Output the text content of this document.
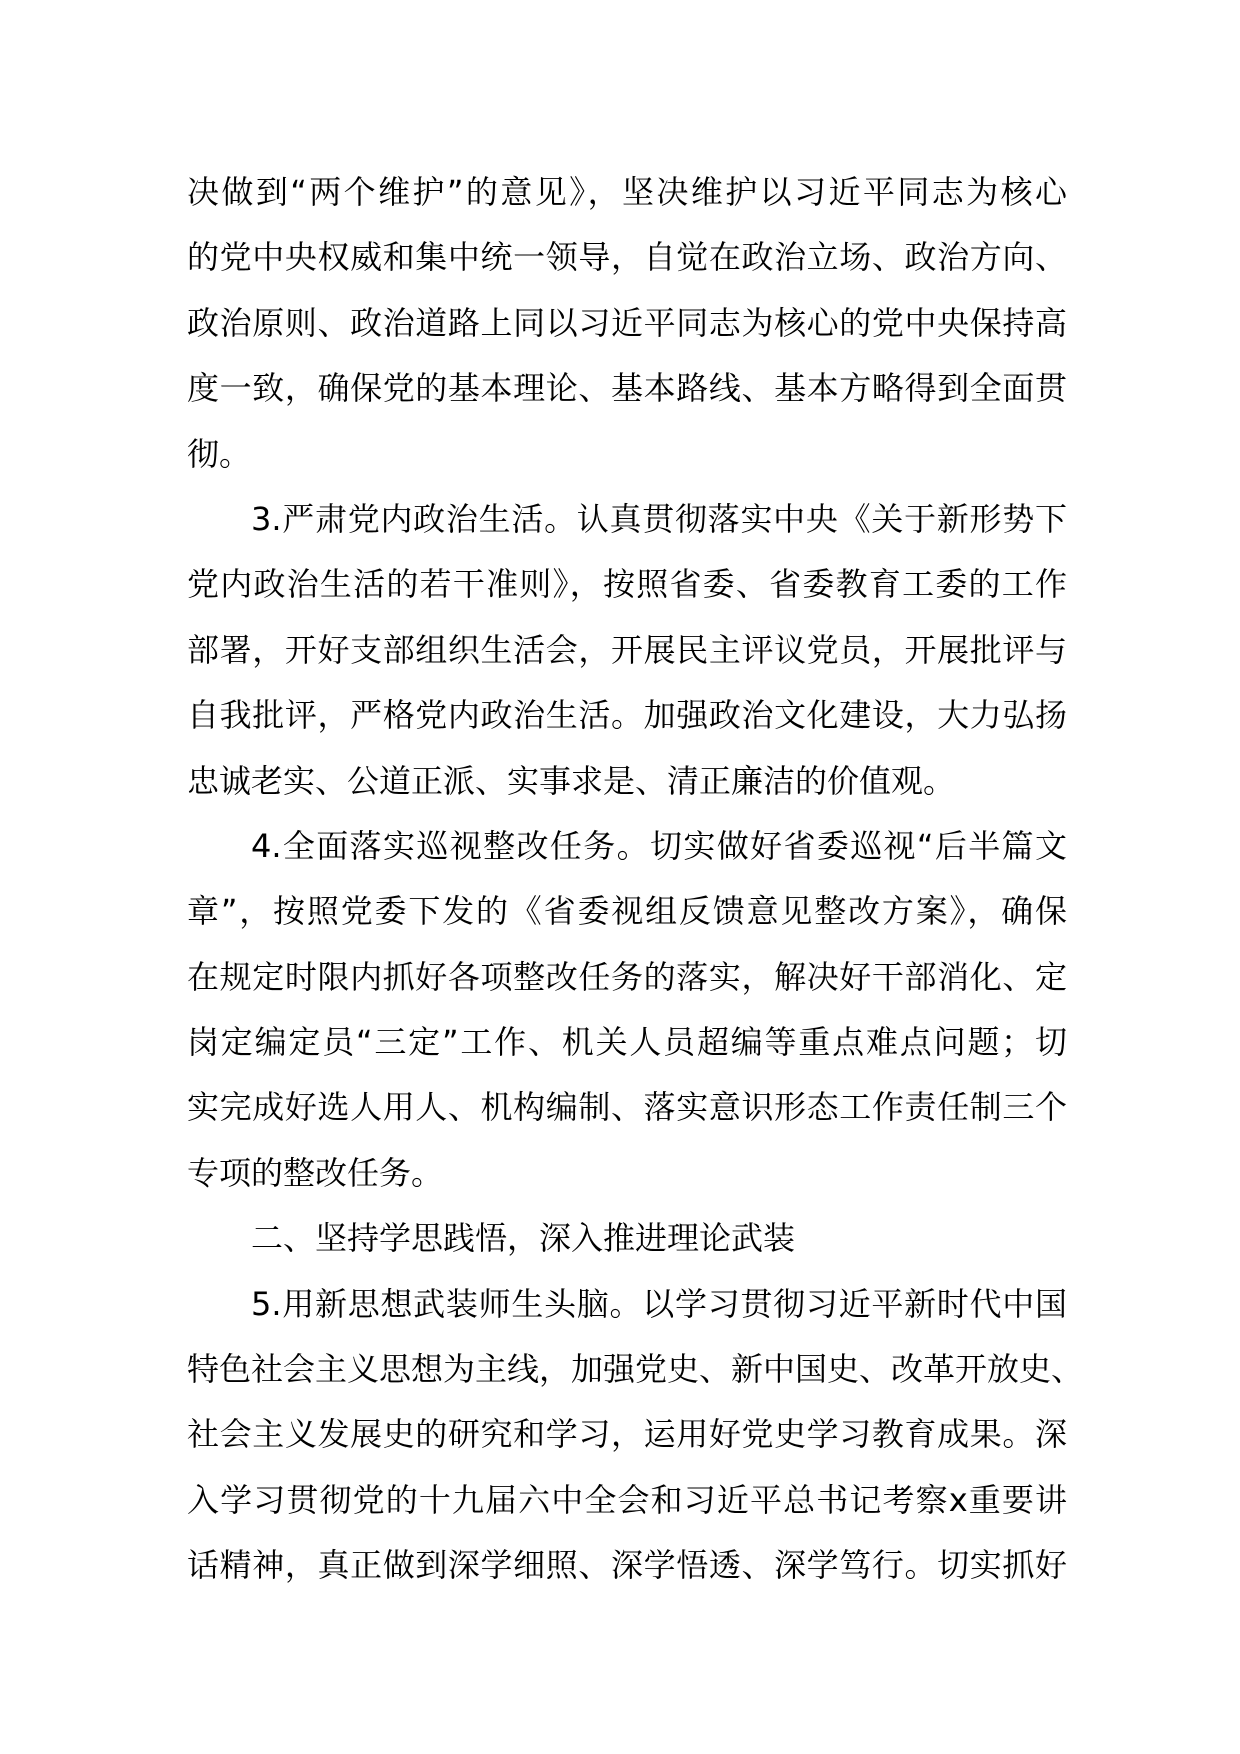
决做到“两个维护”的意见》，坚决维护以习近平同志为核心
的党中央权威和集中统一领导，自觉在政治立场、政治方向、
政治原则、政治道路上同以习近平同志为核心的党中央保持高
度一致，确保党的基本理论、基本路线、基本方略得到全面贯
彻。
3.严肃党内政治生活。认真贯彻落实中央《关于新形势下
党内政治生活的若干准则》，按照省委、省委教育工委的工作
部署，开好支部组织生活会，开展民主评议党员，开展批评与
自我批评，严格党内政治生活。加强政治文化建设，大力弘扬
忠诚老实、公道正派、实事求是、清正廉洁的价值观。
4.全面落实巡视整改任务。切实做好省委巡视“后半篇文
章”，按照党委下发的《省委视组反馈意见整改方案》，确保
在规定时限内抓好各项整改任务的落实，解决好干部消化、定
岗定编定员“三定”工作、机关人员超编等重点难点问题；切
实完成好选人用人、机构编制、落实意识形态工作责任制三个
专项的整改任务。
二、坚持学思践悟，深入推进理论武装
5.用新思想武装师生头脑。以学习贯彻习近平新时代中国
特色社会主义思想为主线，加强党史、新中国史、改革开放史、
社会主义发展史的研究和学习，运用好党史学习教育成果。深
入学习贯彻党的十九届六中全会和习近平总书记考察x重要讲
话精神，真正做到深学细照、深学悟透、深学笃行。切实抓好
